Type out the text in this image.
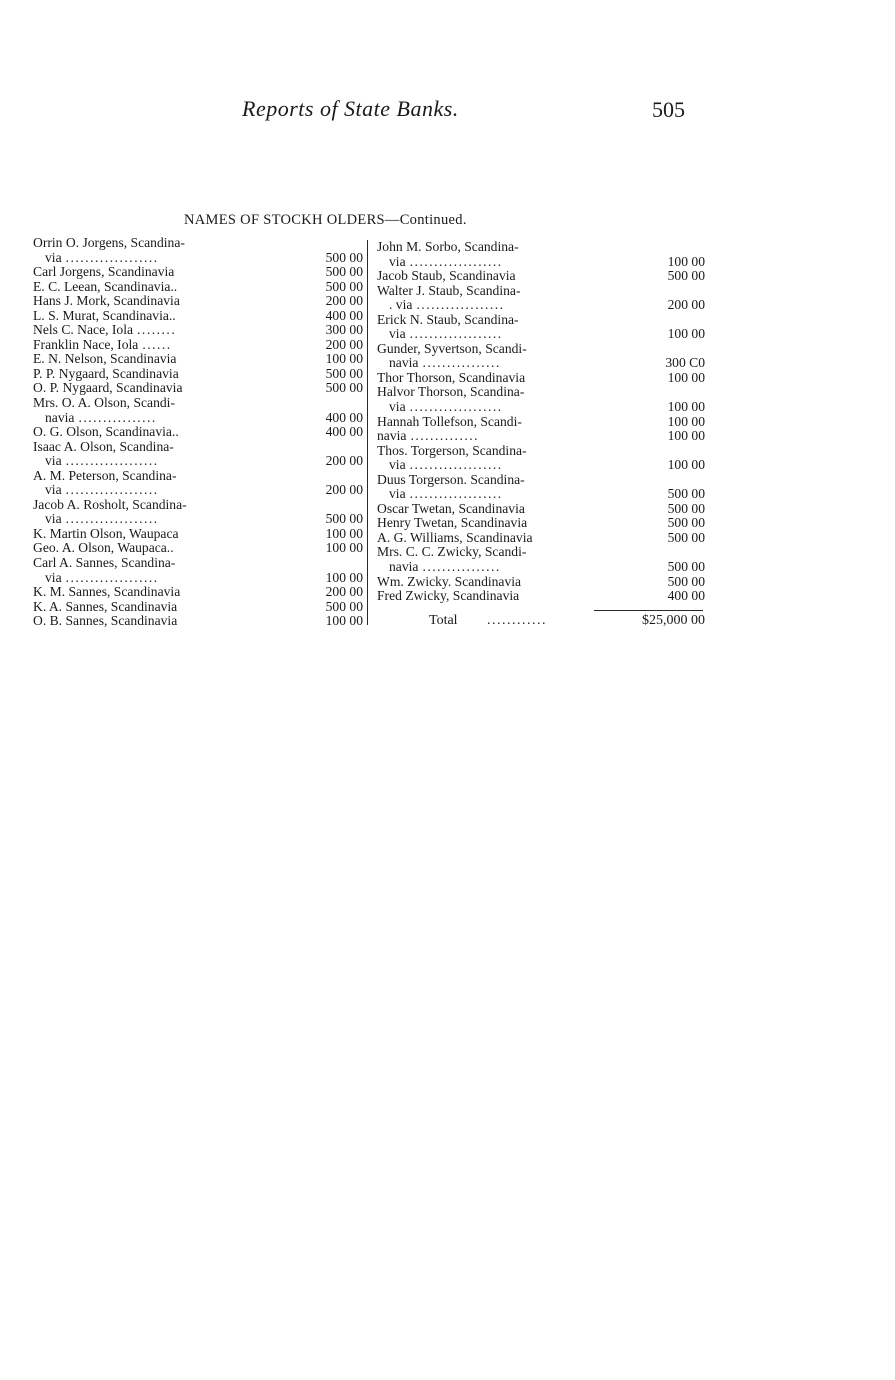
Reports of State Banks.	505
NAMES OF STOCKH OLDERS—Continued.
Orrin O. Jorgens, Scandina-
via ...................	500 00
Carl Jorgens, Scandinavia	500 00
E. C. Leean, Scandinavia..	500 00
Hans J. Mork, Scandinavia	200 00
L. S. Murat, Scandinavia..	400 00
Nels C. Nace, Iola ........	300 00
Franklin Nace, Iola ......	200 00
E. N. Nelson, Scandinavia	100 00
P. P. Nygaard, Scandinavia	500 00
O. P. Nygaard, Scandinavia	500 00
Mrs. O. A. Olson, Scandi-
navia ................	400 00
O. G. Olson, Scandinavia..	400 00
Isaac A. Olson, Scandina-
via ...................	200 00
A. M. Peterson, Scandina-
via ...................	200 00
Jacob A. Rosholt, Scandina-
via ...................	500 00
K. Martin Olson, Waupaca	100 00
Geo. A. Olson, Waupaca..	100 00
Carl A. Sannes, Scandina-
via ...................	100 00
K. M. Sannes, Scandinavia	200 00
K. A. Sannes, Scandinavia	500 00
O. B. Sannes, Scandinavia	100 00
John M. Sorbo, Scandina-
via ...................	100 00
Jacob Staub, Scandinavia	500 00
Walter J. Staub, Scandina-
. via ..................	200 00
Erick N. Staub, Scandina-
via ...................	100 00
Gunder, Syvertson, Scandi-
navia ................	300 C0
Thor Thorson, Scandinavia	100 00
Halvor Thorson, Scandina-
via ...................	100 00
Hannah Tollefson, Scandi-	100 00
navia ..............	100 00
Thos. Torgerson, Scandina-
via ...................	100 00
Duus Torgerson. Scandina-
via ...................	500 00
Oscar Twetan, Scandinavia	500 00
Henry Twetan, Scandinavia	500 00
A. G. Williams, Scandinavia	500 00
Mrs. C. C. Zwicky, Scandi-
navia ................	500 00
Wm. Zwicky. Scandinavia	500 00
Fred Zwicky, Scandinavia	400 00
Total ............	$25,000 00
